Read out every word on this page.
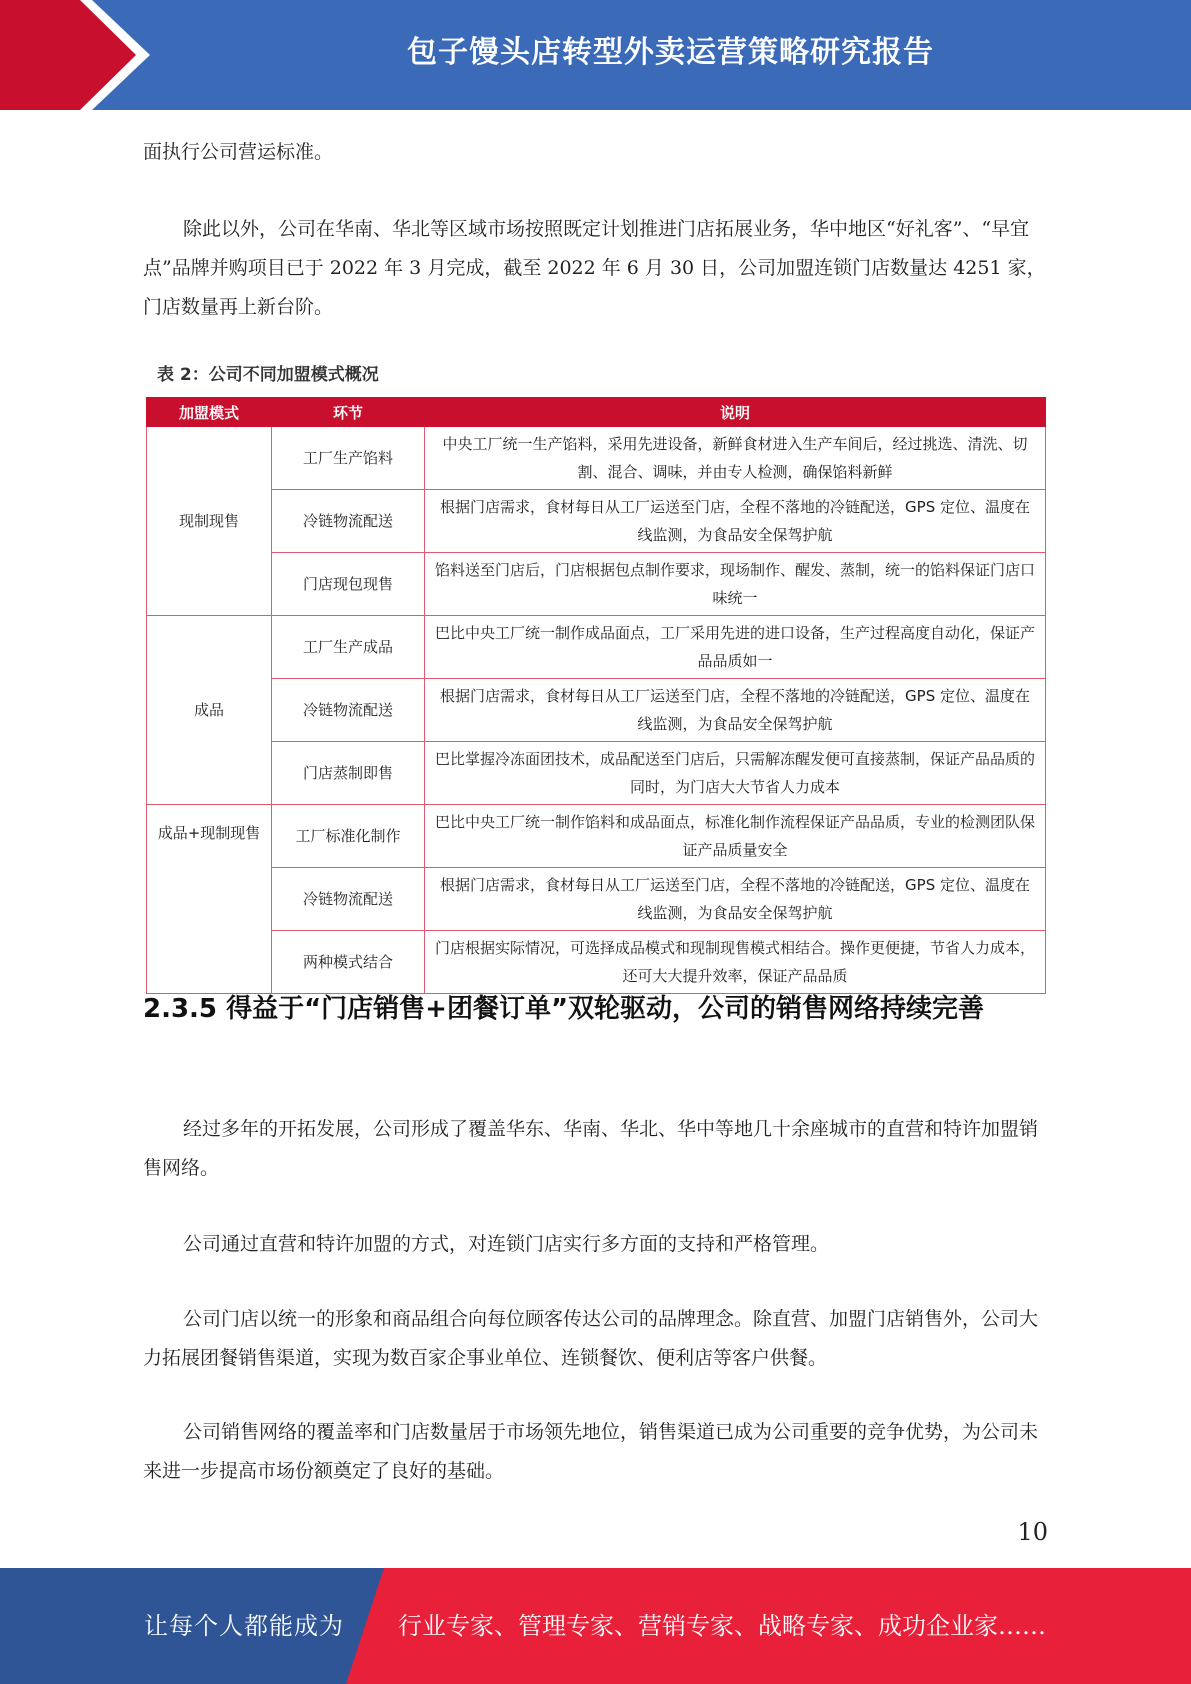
包子馒头店转型外卖运营策略研究报告

面执行公司营运标准。

除此以外，公司在华南、华北等区域市场按照既定计划推进门店拓展业务，华中地区“好礼客”、“早宜点”品牌并购项目已于 2022 年 3 月完成，截至 2022 年 6 月 30 日，公司加盟连锁门店数量达 4251 家，门店数量再上新台阶。

表 2：公司不同加盟模式概况
加盟模式	环节	说明
现制现售	工厂生产馅料	中央工厂统一生产馅料，采用先进设备，新鲜食材进入生产车间后，经过挑选、清洗、切割、混合、调味，并由专人检测，确保馅料新鲜
	冷链物流配送	根据门店需求，食材每日从工厂运送至门店，全程不落地的冷链配送，GPS 定位、温度在线监测，为食品安全保驾护航
	门店现包现售	馅料送至门店后，门店根据包点制作要求，现场制作、醒发、蒸制，统一的馅料保证门店口味统一
成品	工厂生产成品	巴比中央工厂统一制作成品面点，工厂采用先进的进口设备，生产过程高度自动化，保证产品品质如一
	冷链物流配送	根据门店需求，食材每日从工厂运送至门店，全程不落地的冷链配送，GPS 定位、温度在线监测，为食品安全保驾护航
	门店蒸制即售	巴比掌握冷冻面团技术，成品配送至门店后，只需解冻醒发便可直接蒸制，保证产品品质的同时，为门店大大节省人力成本
成品+现制现售	工厂标准化制作	巴比中央工厂统一制作馅料和成品面点，标准化制作流程保证产品品质，专业的检测团队保证产品质量安全
	冷链物流配送	根据门店需求，食材每日从工厂运送至门店，全程不落地的冷链配送，GPS 定位、温度在线监测，为食品安全保驾护航
	两种模式结合	门店根据实际情况，可选择成品模式和现制现售模式相结合。操作更便捷，节省人力成本，还可大大提升效率，保证产品品质
2.3.5 得益于“门店销售+团餐订单”双轮驱动，公司的销售网络持续完善

经过多年的开拓发展，公司形成了覆盖华东、华南、华北、华中等地几十余座城市的直营和特许加盟销售网络。

公司通过直营和特许加盟的方式，对连锁门店实行多方面的支持和严格管理。

公司门店以统一的形象和商品组合向每位顾客传达公司的品牌理念。除直营、加盟门店销售外，公司大力拓展团餐销售渠道，实现为数百家企事业单位、连锁餐饮、便利店等客户供餐。

公司销售网络的覆盖率和门店数量居于市场领先地位，销售渠道已成为公司重要的竞争优势，为公司未来进一步提高市场份额奠定了良好的基础。

10
让每个人都能成为 行业专家、管理专家、营销专家、战略专家、成功企业家……
